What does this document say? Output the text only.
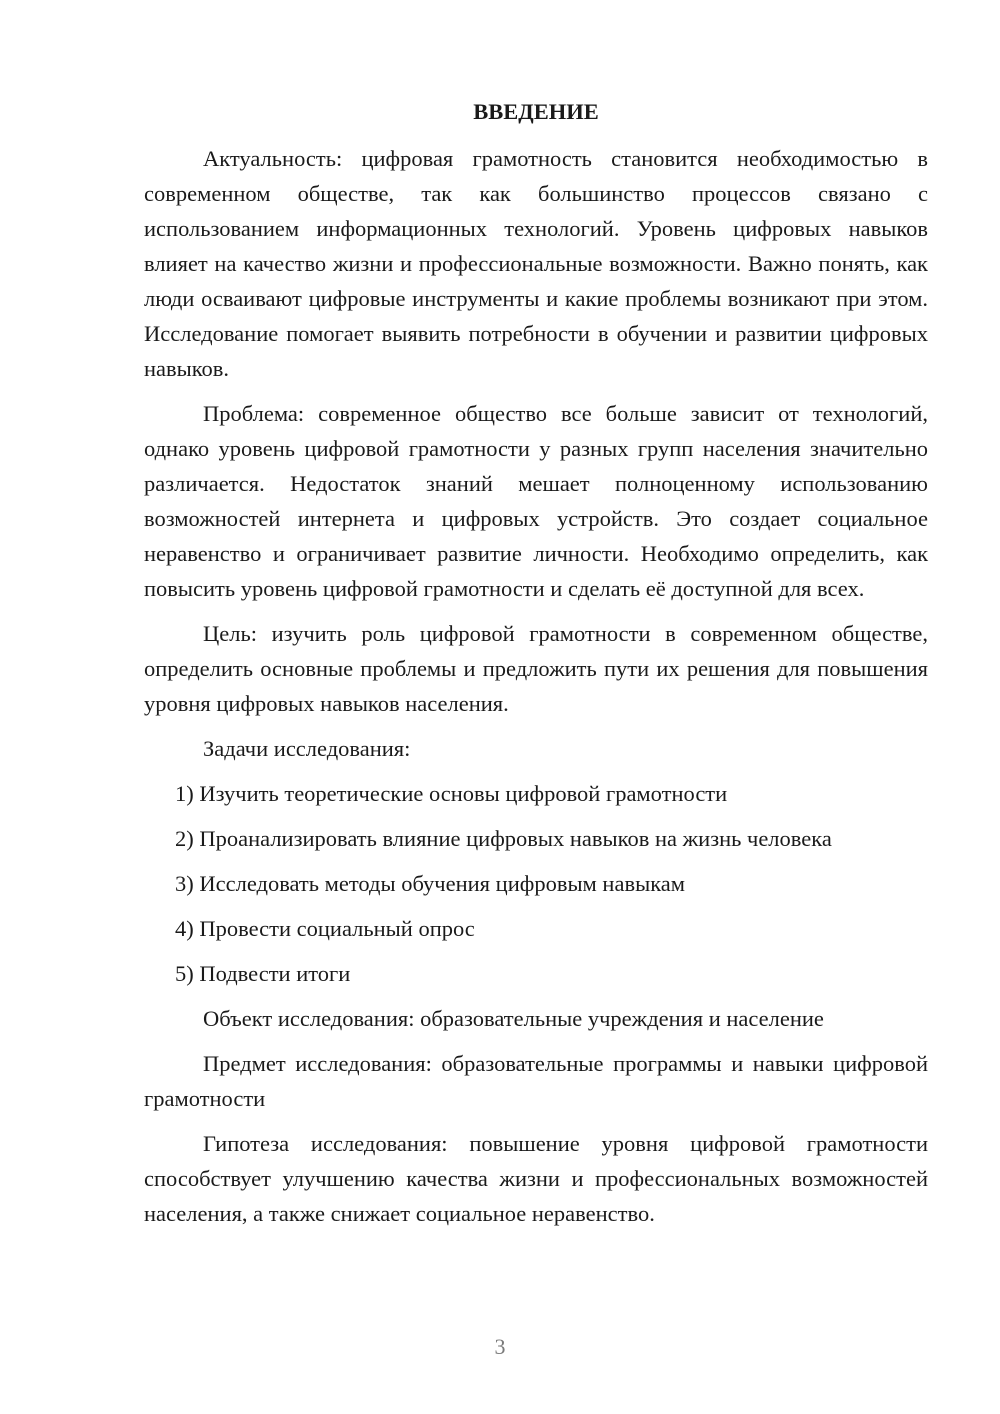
ВВЕДЕНИЕ
Актуальность: цифровая грамотность становится необходимостью в современном обществе, так как большинство процессов связано с использованием информационных технологий. Уровень цифровых навыков влияет на качество жизни и профессиональные возможности. Важно понять, как люди осваивают цифровые инструменты и какие проблемы возникают при этом. Исследование помогает выявить потребности в обучении и развитии цифровых навыков.
Проблема: современное общество все больше зависит от технологий, однако уровень цифровой грамотности у разных групп населения значительно различается. Недостаток знаний мешает полноценному использованию возможностей интернета и цифровых устройств. Это создает социальное неравенство и ограничивает развитие личности. Необходимо определить, как повысить уровень цифровой грамотности и сделать её доступной для всех.
Цель: изучить роль цифровой грамотности в современном обществе, определить основные проблемы и предложить пути их решения для повышения уровня цифровых навыков населения.
Задачи исследования:
1) Изучить теоретические основы цифровой грамотности
2) Проанализировать влияние цифровых навыков на жизнь человека
3) Исследовать методы обучения цифровым навыкам
4) Провести социальный опрос
5) Подвести итоги
Объект исследования: образовательные учреждения и население
Предмет исследования: образовательные программы и навыки цифровой грамотности
Гипотеза исследования: повышение уровня цифровой грамотности способствует улучшению качества жизни и профессиональных возможностей населения, а также снижает социальное неравенство.
3
